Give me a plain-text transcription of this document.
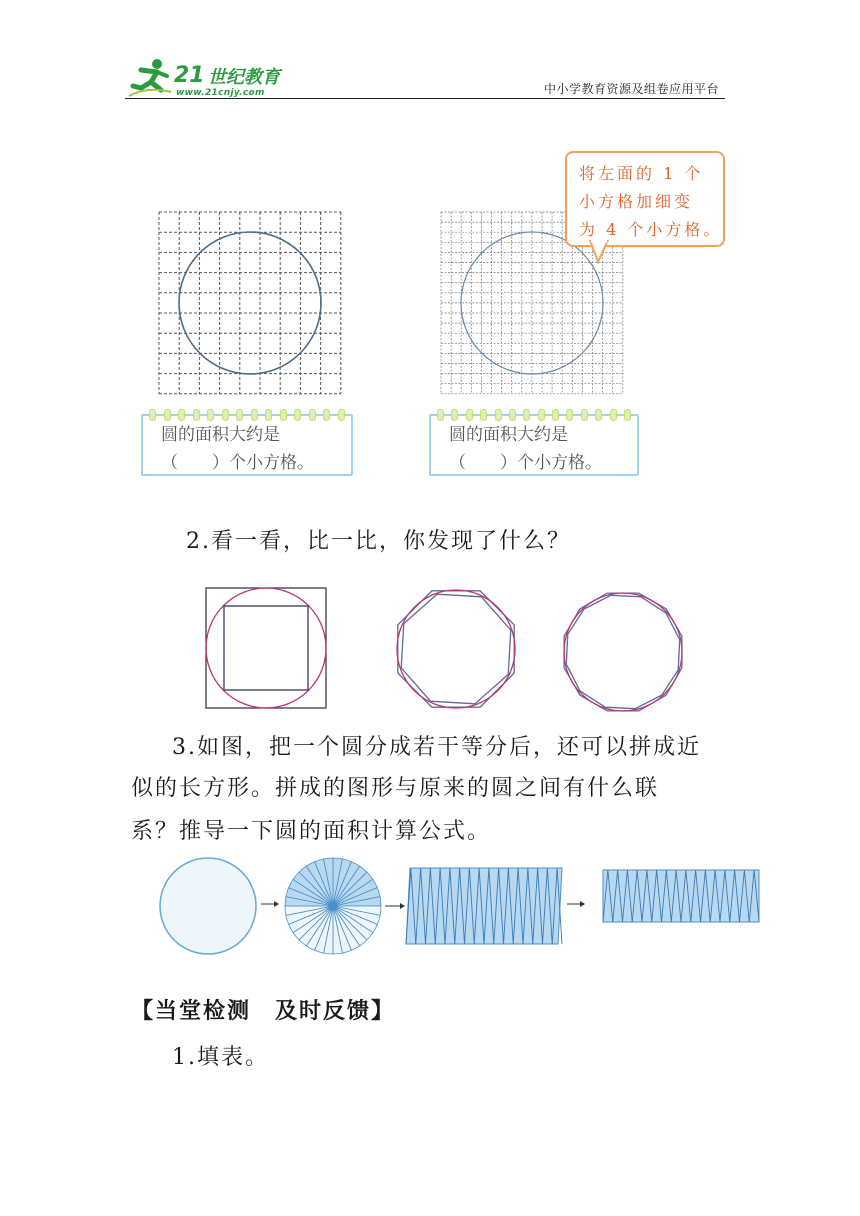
21 世纪教育
www.21cnjy.com	中小学教育资源及组卷应用平台
将左面的 1 个
小方格加细变
为 4 个小方格。
圆的面积大约是
（　　）个小方格。
圆的面积大约是
（　　）个小方格。
2.看一看，比一比，你发现了什么？
3.如图，把一个圆分成若干等分后，还可以拼成近
似的长方形。拼成的图形与原来的圆之间有什么联
系？推导一下圆的面积计算公式。
【当堂检测　及时反馈】
1.填表。
